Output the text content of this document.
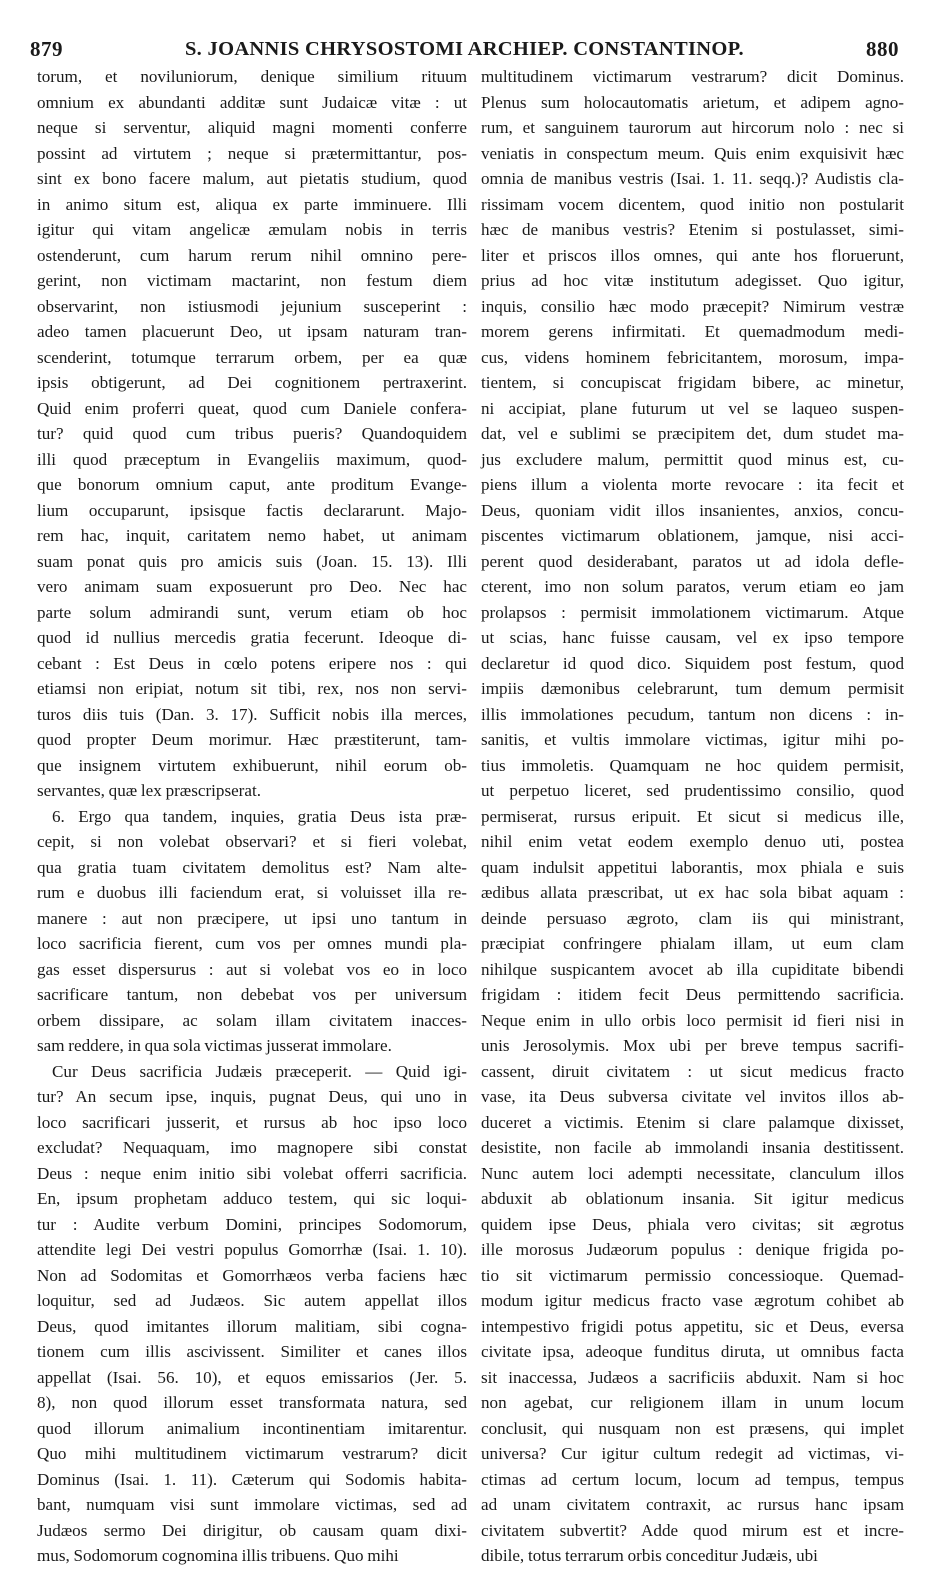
879	S. JOANNIS CHRYSOSTOMI ARCHIEP. CONSTANTINOP.	880

torum, et noviluniorum, denique similium rituum

omnium ex abundanti additæ sunt Judaicæ vitæ : ut

neque si serventur, aliquid magni momenti conferre

possint ad virtutem ; neque si prætermittantur, pos-

sint ex bono facere malum, aut pietatis studium, quod

in animo situm est, aliqua ex parte imminuere. Illi

igitur qui vitam angelicæ æmulam nobis in terris

ostenderunt, cum harum rerum nihil omnino pere-

gerint, non victimam mactarint, non festum diem

observarint, non istiusmodi jejunium susceperint :

adeo tamen placuerunt Deo, ut ipsam naturam tran-

scenderint, totumque terrarum orbem, per ea quæ

ipsis obtigerunt, ad Dei cognitionem pertraxerint.

Quid enim proferri queat, quod cum Daniele confera-

tur? quid quod cum tribus pueris? Quandoquidem

illi quod præceptum in Evangeliis maximum, quod-

que bonorum omnium caput, ante proditum Evange-

lium occuparunt, ipsisque factis declararunt. Majo-

rem hac, inquit, caritatem nemo habet, ut animam

suam ponat quis pro amicis suis (Joan. 15. 13). Illi

vero animam suam exposuerunt pro Deo. Nec hac

parte solum admirandi sunt, verum etiam ob hoc

quod id nullius mercedis gratia fecerunt. Ideoque di-

cebant : Est Deus in cœlo potens eripere nos : qui

etiamsi non eripiat, notum sit tibi, rex, nos non servi-

turos diis tuis (Dan. 3. 17). Sufficit nobis illa merces,

quod propter Deum morimur. Hæc præstiterunt, tam-

que insignem virtutem exhibuerunt, nihil eorum ob-

servantes, quæ lex præscripserat.

6. Ergo qua tandem, inquies, gratia Deus ista præ-

cepit, si non volebat observari? et si fieri volebat,

qua gratia tuam civitatem demolitus est? Nam alte-

rum e duobus illi faciendum erat, si voluisset illa re-

manere : aut non præcipere, ut ipsi uno tantum in

loco sacrificia fierent, cum vos per omnes mundi pla-

gas esset dispersurus : aut si volebat vos eo in loco

sacrificare tantum, non debebat vos per universum

orbem dissipare, ac solam illam civitatem inacces-

sam reddere, in qua sola victimas jusserat immolare.

Cur Deus sacrificia Judæis præceperit. — Quid igi-

tur? An secum ipse, inquis, pugnat Deus, qui uno in

loco sacrificari jusserit, et rursus ab hoc ipso loco

excludat? Nequaquam, imo magnopere sibi constat

Deus : neque enim initio sibi volebat offerri sacrificia.

En, ipsum prophetam adduco testem, qui sic loqui-

tur : Audite verbum Domini, principes Sodomorum,

attendite legi Dei vestri populus Gomorrhæ (Isai. 1. 10).

Non ad Sodomitas et Gomorrhæos verba faciens hæc

loquitur, sed ad Judæos. Sic autem appellat illos

Deus, quod imitantes illorum malitiam, sibi cogna-

tionem cum illis ascivissent. Similiter et canes illos

appellat (Isai. 56. 10), et equos emissarios (Jer. 5.

8), non quod illorum esset transformata natura, sed

quod illorum animalium incontinentiam imitarentur.

Quo mihi multitudinem victimarum vestrarum? dicit

Dominus (Isai. 1. 11). Cæterum qui Sodomis habita-

bant, numquam visi sunt immolare victimas, sed ad

Judæos sermo Dei dirigitur, ob causam quam dixi-

mus, Sodomorum cognomina illis tribuens. Quo mihi

multitudinem victimarum vestrarum? dicit Dominus.

Plenus sum holocautomatis arietum, et adipem agno-

rum, et sanguinem taurorum aut hircorum nolo : nec si

veniatis in conspectum meum. Quis enim exquisivit hæc

omnia de manibus vestris (Isai. 1. 11. seqq.)? Audistis cla-

rissimam vocem dicentem, quod initio non postularit

hæc de manibus vestris? Etenim si postulasset, simi-

liter et priscos illos omnes, qui ante hos floruerunt,

prius ad hoc vitæ institutum adegisset. Quo igitur,

inquis, consilio hæc modo præcepit? Nimirum vestræ

morem gerens infirmitati. Et quemadmodum medi-

cus, videns hominem febricitantem, morosum, impa-

tientem, si concupiscat frigidam bibere, ac minetur,

ni accipiat, plane futurum ut vel se laqueo suspen-

dat, vel e sublimi se præcipitem det, dum studet ma-

jus excludere malum, permittit quod minus est, cu-

piens illum a violenta morte revocare : ita fecit et

Deus, quoniam vidit illos insanientes, anxios, concu-

piscentes victimarum oblationem, jamque, nisi acci-

perent quod desiderabant, paratos ut ad idola defle-

cterent, imo non solum paratos, verum etiam eo jam

prolapsos : permisit immolationem victimarum. Atque

ut scias, hanc fuisse causam, vel ex ipso tempore

declaretur id quod dico. Siquidem post festum, quod

impiis dæmonibus celebrarunt, tum demum permisit

illis immolationes pecudum, tantum non dicens : in-

sanitis, et vultis immolare victimas, igitur mihi po-

tius immoletis. Quamquam ne hoc quidem permisit,

ut perpetuo liceret, sed prudentissimo consilio, quod

permiserat, rursus eripuit. Et sicut si medicus ille,

nihil enim vetat eodem exemplo denuo uti, postea

quam indulsit appetitui laborantis, mox phiala e suis

ædibus allata præscribat, ut ex hac sola bibat aquam :

deinde persuaso ægroto, clam iis qui ministrant,

præcipiat confringere phialam illam, ut eum clam

nihilque suspicantem avocet ab illa cupiditate bibendi

frigidam : itidem fecit Deus permittendo sacrificia.

Neque enim in ullo orbis loco permisit id fieri nisi in

unis Jerosolymis. Mox ubi per breve tempus sacrifi-

cassent, diruit civitatem : ut sicut medicus fracto

vase, ita Deus subversa civitate vel invitos illos ab-

duceret a victimis. Etenim si clare palamque dixisset,

desistite, non facile ab immolandi insania destitissent.

Nunc autem loci adempti necessitate, clanculum illos

abduxit ab oblationum insania. Sit igitur medicus

quidem ipse Deus, phiala vero civitas; sit ægrotus

ille morosus Judæorum populus : denique frigida po-

tio sit victimarum permissio concessioque. Quemad-

modum igitur medicus fracto vase ægrotum cohibet ab

intempestivo frigidi potus appetitu, sic et Deus, eversa

civitate ipsa, adeoque funditus diruta, ut omnibus facta

sit inaccessa, Judæos a sacrificiis abduxit. Nam si hoc

non agebat, cur religionem illam in unum locum

conclusit, qui nusquam non est præsens, qui implet

universa? Cur igitur cultum redegit ad victimas, vi-

ctimas ad certum locum, locum ad tempus, tempus

ad unam civitatem contraxit, ac rursus hanc ipsam

civitatem subvertit? Adde quod mirum est et incre-

dibile, totus terrarum orbis conceditur Judæis, ubi
